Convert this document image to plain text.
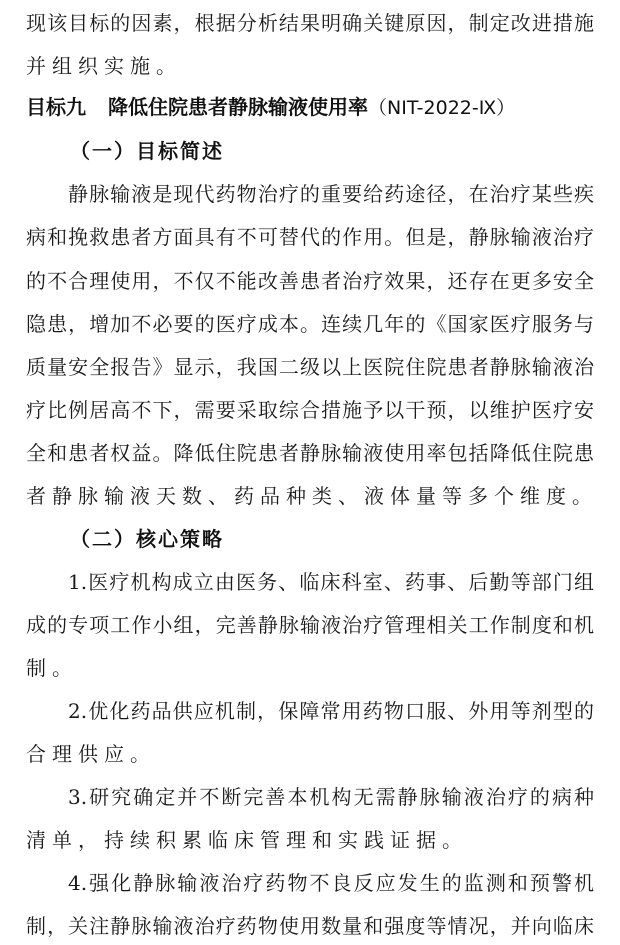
现该目标的因素，根据分析结果明确关键原因，制定改进措施
并组织实施。
目标九 降低住院患者静脉输液使用率（NIT-2022-Ⅸ）
（一）目标简述
静脉输液是现代药物治疗的重要给药途径，在治疗某些疾
病和挽救患者方面具有不可替代的作用。但是，静脉输液治疗
的不合理使用，不仅不能改善患者治疗效果，还存在更多安全
隐患，增加不必要的医疗成本。连续几年的《国家医疗服务与
质量安全报告》显示，我国二级以上医院住院患者静脉输液治
疗比例居高不下，需要采取综合措施予以干预，以维护医疗安
全和患者权益。降低住院患者静脉输液使用率包括降低住院患
者静脉输液天数、药品种类、液体量等多个维度。
（二）核心策略
1.医疗机构成立由医务、临床科室、药事、后勤等部门组
成的专项工作小组，完善静脉输液治疗管理相关工作制度和机
制。
2.优化药品供应机制，保障常用药物口服、外用等剂型的
合理供应。
3.研究确定并不断完善本机构无需静脉输液治疗的病种
清单，持续积累临床管理和实践证据。
4.强化静脉输液治疗药物不良反应发生的监测和预警机
制，关注静脉输液治疗药物使用数量和强度等情况，并向临床
